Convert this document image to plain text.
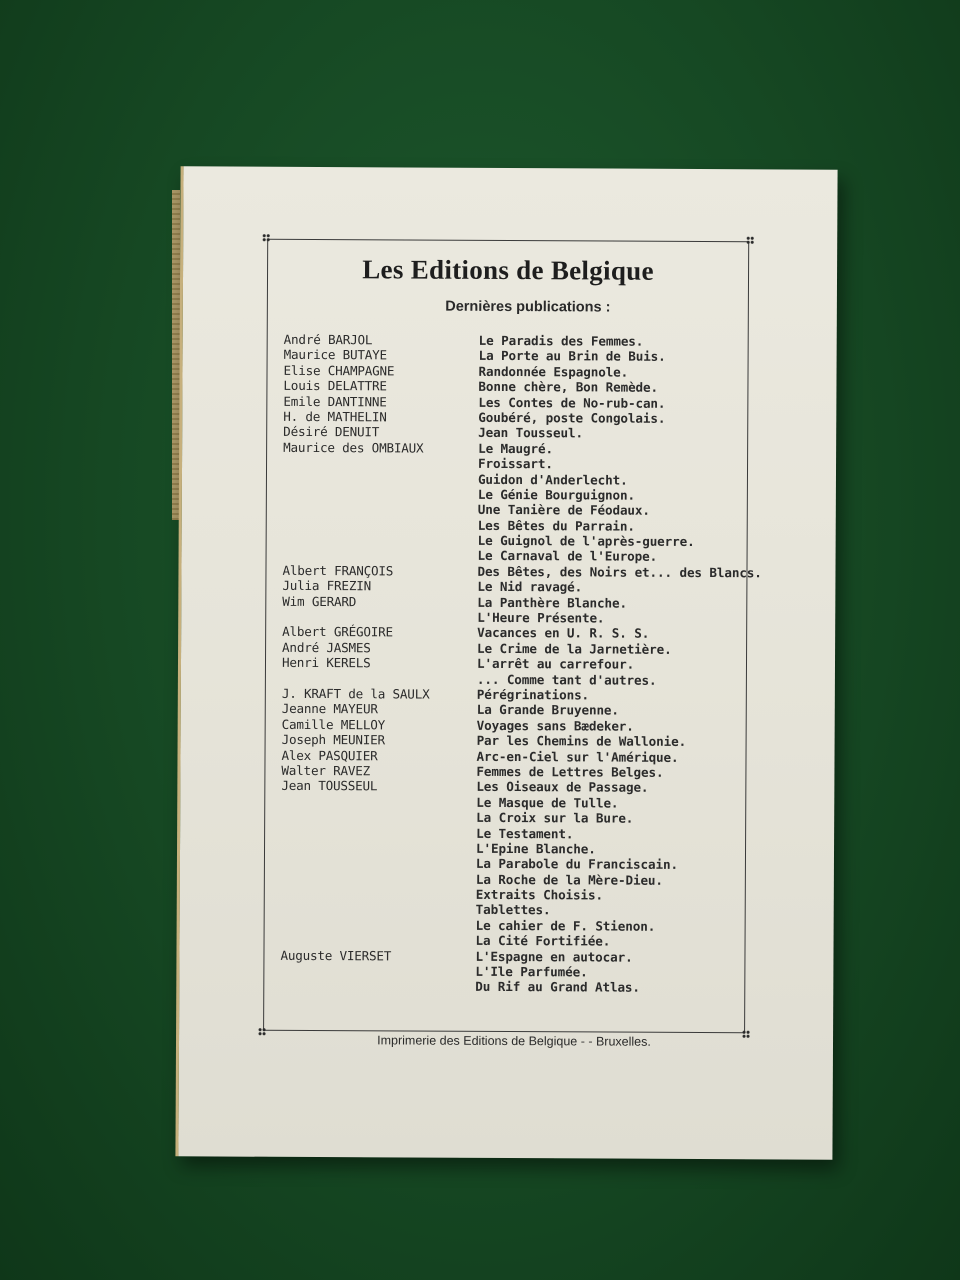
Les Editions de Belgique
Dernières publications :
André BARJOL	Le Paradis des Femmes.
Maurice BUTAYE	La Porte au Brin de Buis.
Elise CHAMPAGNE	Randonnée Espagnole.
Louis DELATTRE	Bonne chère, Bon Remède.
Emile DANTINNE	Les Contes de No-rub-can.
H. de MATHELIN	Goubéré, poste Congolais.
Désiré DENUIT	Jean Tousseul.
Maurice des OMBIAUX	Le Maugré.
Froissart.
Guidon d'Anderlecht.
Le Génie Bourguignon.
Une Tanière de Féodaux.
Les Bêtes du Parrain.
Le Guignol de l'après-guerre.
Le Carnaval de l'Europe.
Albert FRANÇOIS	Des Bêtes, des Noirs et... des Blancs.
Julia FREZIN	Le Nid ravagé.
Wim GERARD	La Panthère Blanche.
L'Heure Présente.
Albert GRÉGOIRE	Vacances en U. R. S. S.
André JASMES	Le Crime de la Jarnetière.
Henri KERELS	L'arrêt au carrefour.
... Comme tant d'autres.
J. KRAFT de la SAULX	Pérégrinations.
Jeanne MAYEUR	La Grande Bruyenne.
Camille MELLOY	Voyages sans Bædeker.
Joseph MEUNIER	Par les Chemins de Wallonie.
Alex PASQUIER	Arc-en-Ciel sur l'Amérique.
Walter RAVEZ	Femmes de Lettres Belges.
Jean TOUSSEUL	Les Oiseaux de Passage.
Le Masque de Tulle.
La Croix sur la Bure.
Le Testament.
L'Epine Blanche.
La Parabole du Franciscain.
La Roche de la Mère-Dieu.
Extraits Choisis.
Tablettes.
Le cahier de F. Stienon.
La Cité Fortifiée.
Auguste VIERSET	L'Espagne en autocar.
L'Ile Parfumée.
Du Rif au Grand Atlas.
Imprimerie des Editions de Belgique - - Bruxelles.
